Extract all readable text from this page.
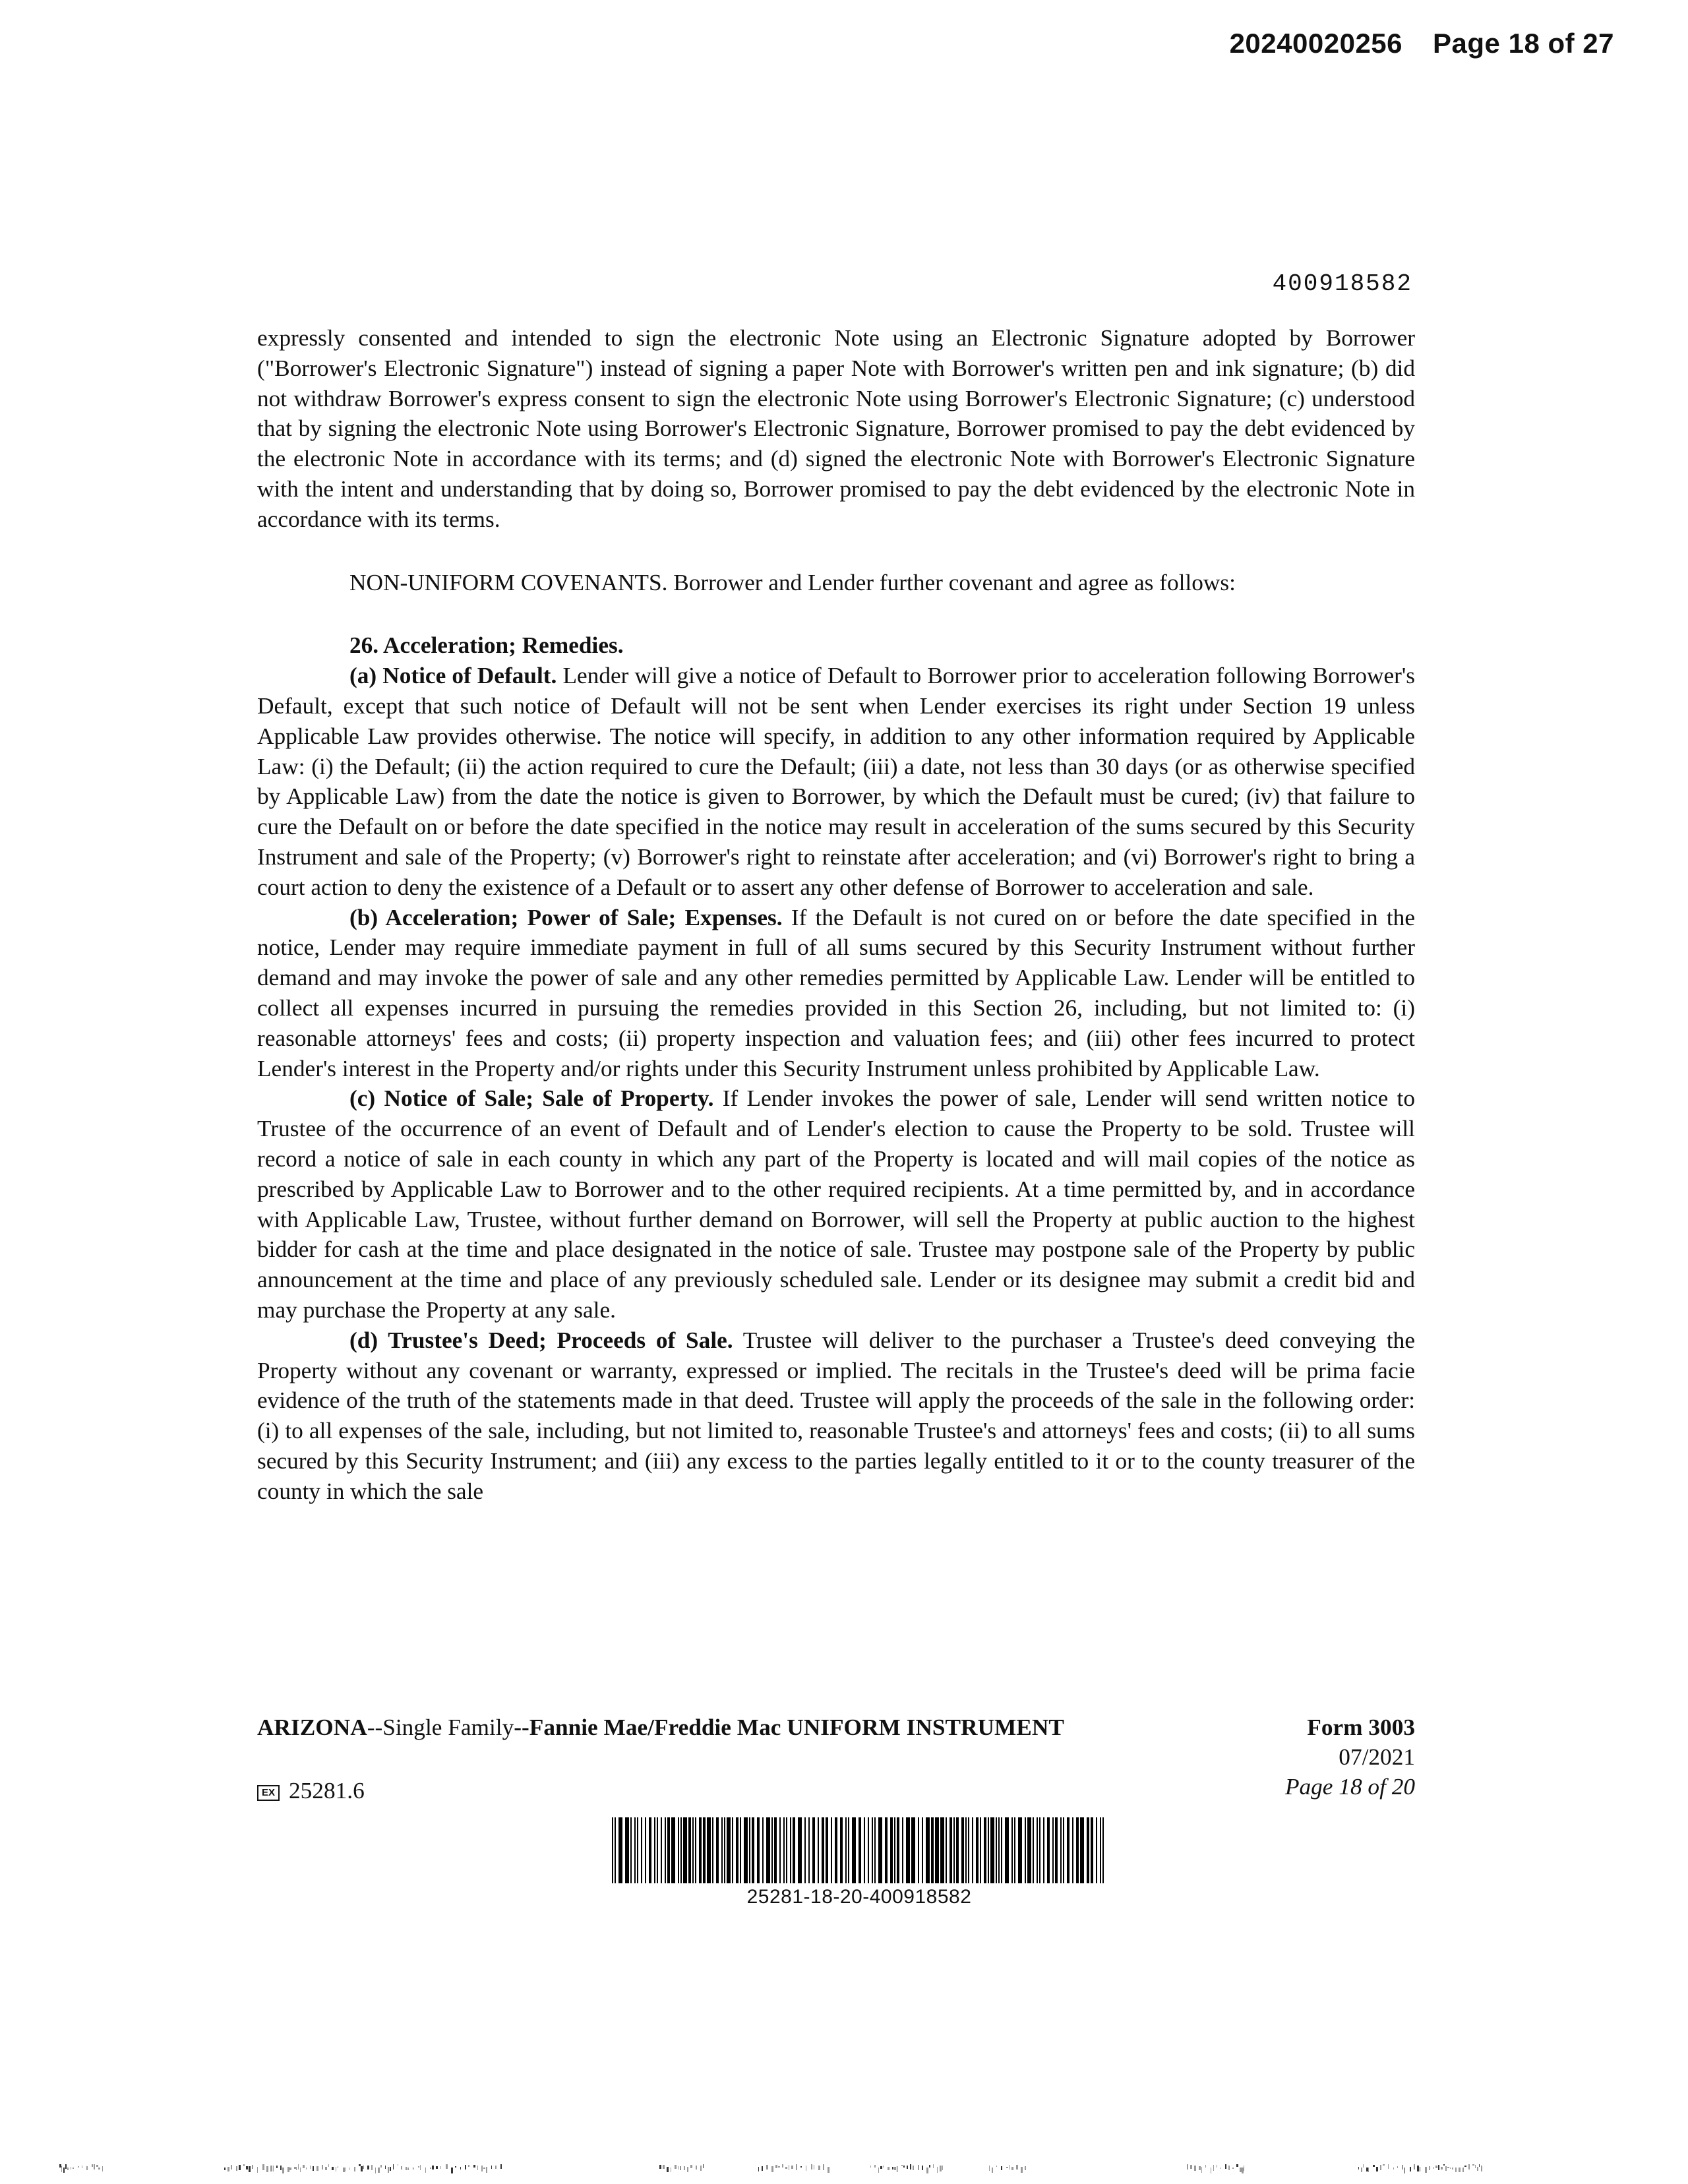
20240020256 Page 18 of 27
400918582

expressly consented and intended to sign the electronic Note using an Electronic Signature adopted by Borrower ("Borrower's Electronic Signature") instead of signing a paper Note with Borrower's written pen and ink signature; (b) did not withdraw Borrower's express consent to sign the electronic Note using Borrower's Electronic Signature; (c) understood that by signing the electronic Note using Borrower's Electronic Signature, Borrower promised to pay the debt evidenced by the electronic Note in accordance with its terms; and (d) signed the electronic Note with Borrower's Electronic Signature with the intent and understanding that by doing so, Borrower promised to pay the debt evidenced by the electronic Note in accordance with its terms.

NON-UNIFORM COVENANTS. Borrower and Lender further covenant and agree as follows:

26. Acceleration; Remedies.

(a) Notice of Default. Lender will give a notice of Default to Borrower prior to acceleration following Borrower's Default, except that such notice of Default will not be sent when Lender exercises its right under Section 19 unless Applicable Law provides otherwise. The notice will specify, in addition to any other information required by Applicable Law: (i) the Default; (ii) the action required to cure the Default; (iii) a date, not less than 30 days (or as otherwise specified by Applicable Law) from the date the notice is given to Borrower, by which the Default must be cured; (iv) that failure to cure the Default on or before the date specified in the notice may result in acceleration of the sums secured by this Security Instrument and sale of the Property; (v) Borrower's right to reinstate after acceleration; and (vi) Borrower's right to bring a court action to deny the existence of a Default or to assert any other defense of Borrower to acceleration and sale.

(b) Acceleration; Power of Sale; Expenses. If the Default is not cured on or before the date specified in the notice, Lender may require immediate payment in full of all sums secured by this Security Instrument without further demand and may invoke the power of sale and any other remedies permitted by Applicable Law. Lender will be entitled to collect all expenses incurred in pursuing the remedies provided in this Section 26, including, but not limited to: (i) reasonable attorneys' fees and costs; (ii) property inspection and valuation fees; and (iii) other fees incurred to protect Lender's interest in the Property and/or rights under this Security Instrument unless prohibited by Applicable Law.

(c) Notice of Sale; Sale of Property. If Lender invokes the power of sale, Lender will send written notice to Trustee of the occurrence of an event of Default and of Lender's election to cause the Property to be sold. Trustee will record a notice of sale in each county in which any part of the Property is located and will mail copies of the notice as prescribed by Applicable Law to Borrower and to the other required recipients. At a time permitted by, and in accordance with Applicable Law, Trustee, without further demand on Borrower, will sell the Property at public auction to the highest bidder for cash at the time and place designated in the notice of sale. Trustee may postpone sale of the Property by public announcement at the time and place of any previously scheduled sale. Lender or its designee may submit a credit bid and may purchase the Property at any sale.

(d) Trustee's Deed; Proceeds of Sale. Trustee will deliver to the purchaser a Trustee's deed conveying the Property without any covenant or warranty, expressed or implied. The recitals in the Trustee's deed will be prima facie evidence of the truth of the statements made in that deed. Trustee will apply the proceeds of the sale in the following order: (i) to all expenses of the sale, including, but not limited to, reasonable Trustee's and attorneys' fees and costs; (ii) to all sums secured by this Security Instrument; and (iii) any excess to the parties legally entitled to it or to the county treasurer of the county in which the sale

ARIZONA--Single Family--Fannie Mae/Freddie Mac UNIFORM INSTRUMENT	Form 3003
07/2021
Page 18 of 20
EX 25281.6
25281-18-20-400918582
